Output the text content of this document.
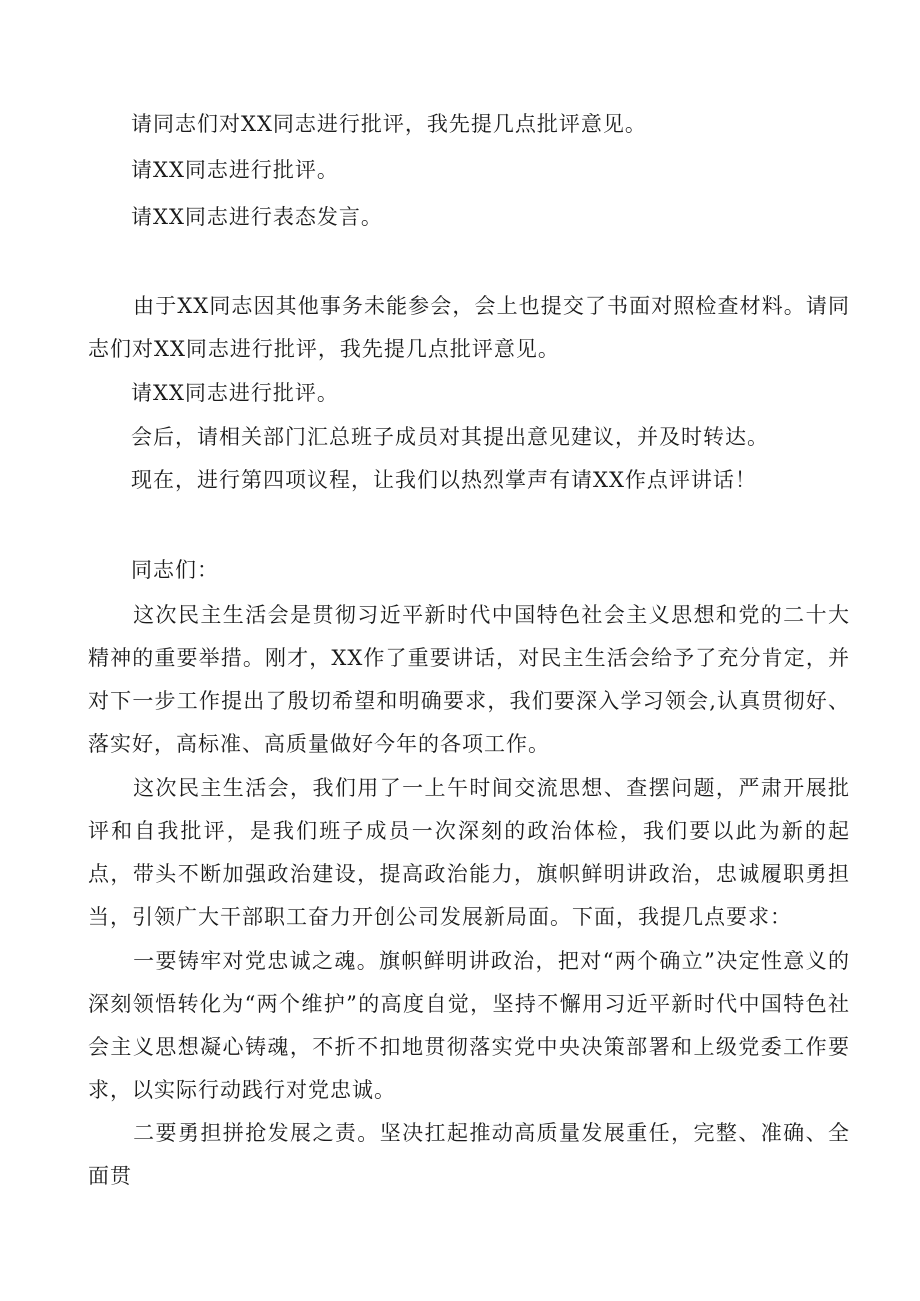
请同志们对XX同志进行批评，我先提几点批评意见。

请XX同志进行批评。

请XX同志进行表态发言。

由于XX同志因其他事务未能参会，会上也提交了书面对照检查材料。请同志们对XX同志进行批评，我先提几点批评意见。

请XX同志进行批评。

会后，请相关部门汇总班子成员对其提出意见建议，并及时转达。

现在，进行第四项议程，让我们以热烈掌声有请XX作点评讲话！

同志们：

这次民主生活会是贯彻习近平新时代中国特色社会主义思想和党的二十大精神的重要举措。刚才，XX作了重要讲话，对民主生活会给予了充分肯定，并对下一步工作提出了殷切希望和明确要求，我们要深入学习领会,认真贯彻好、落实好，高标准、高质量做好今年的各项工作。

这次民主生活会，我们用了一上午时间交流思想、查摆问题，严肃开展批评和自我批评，是我们班子成员一次深刻的政治体检，我们要以此为新的起点，带头不断加强政治建设，提高政治能力，旗帜鲜明讲政治，忠诚履职勇担当，引领广大干部职工奋力开创公司发展新局面。下面，我提几点要求：

一要铸牢对党忠诚之魂。旗帜鲜明讲政治，把对“两个确立”决定性意义的深刻领悟转化为“两个维护”的高度自觉，坚持不懈用习近平新时代中国特色社会主义思想凝心铸魂，不折不扣地贯彻落实党中央决策部署和上级党委工作要求，以实际行动践行对党忠诚。

二要勇担拼抢发展之责。坚决扛起推动高质量发展重任，完整、准确、全面贯
